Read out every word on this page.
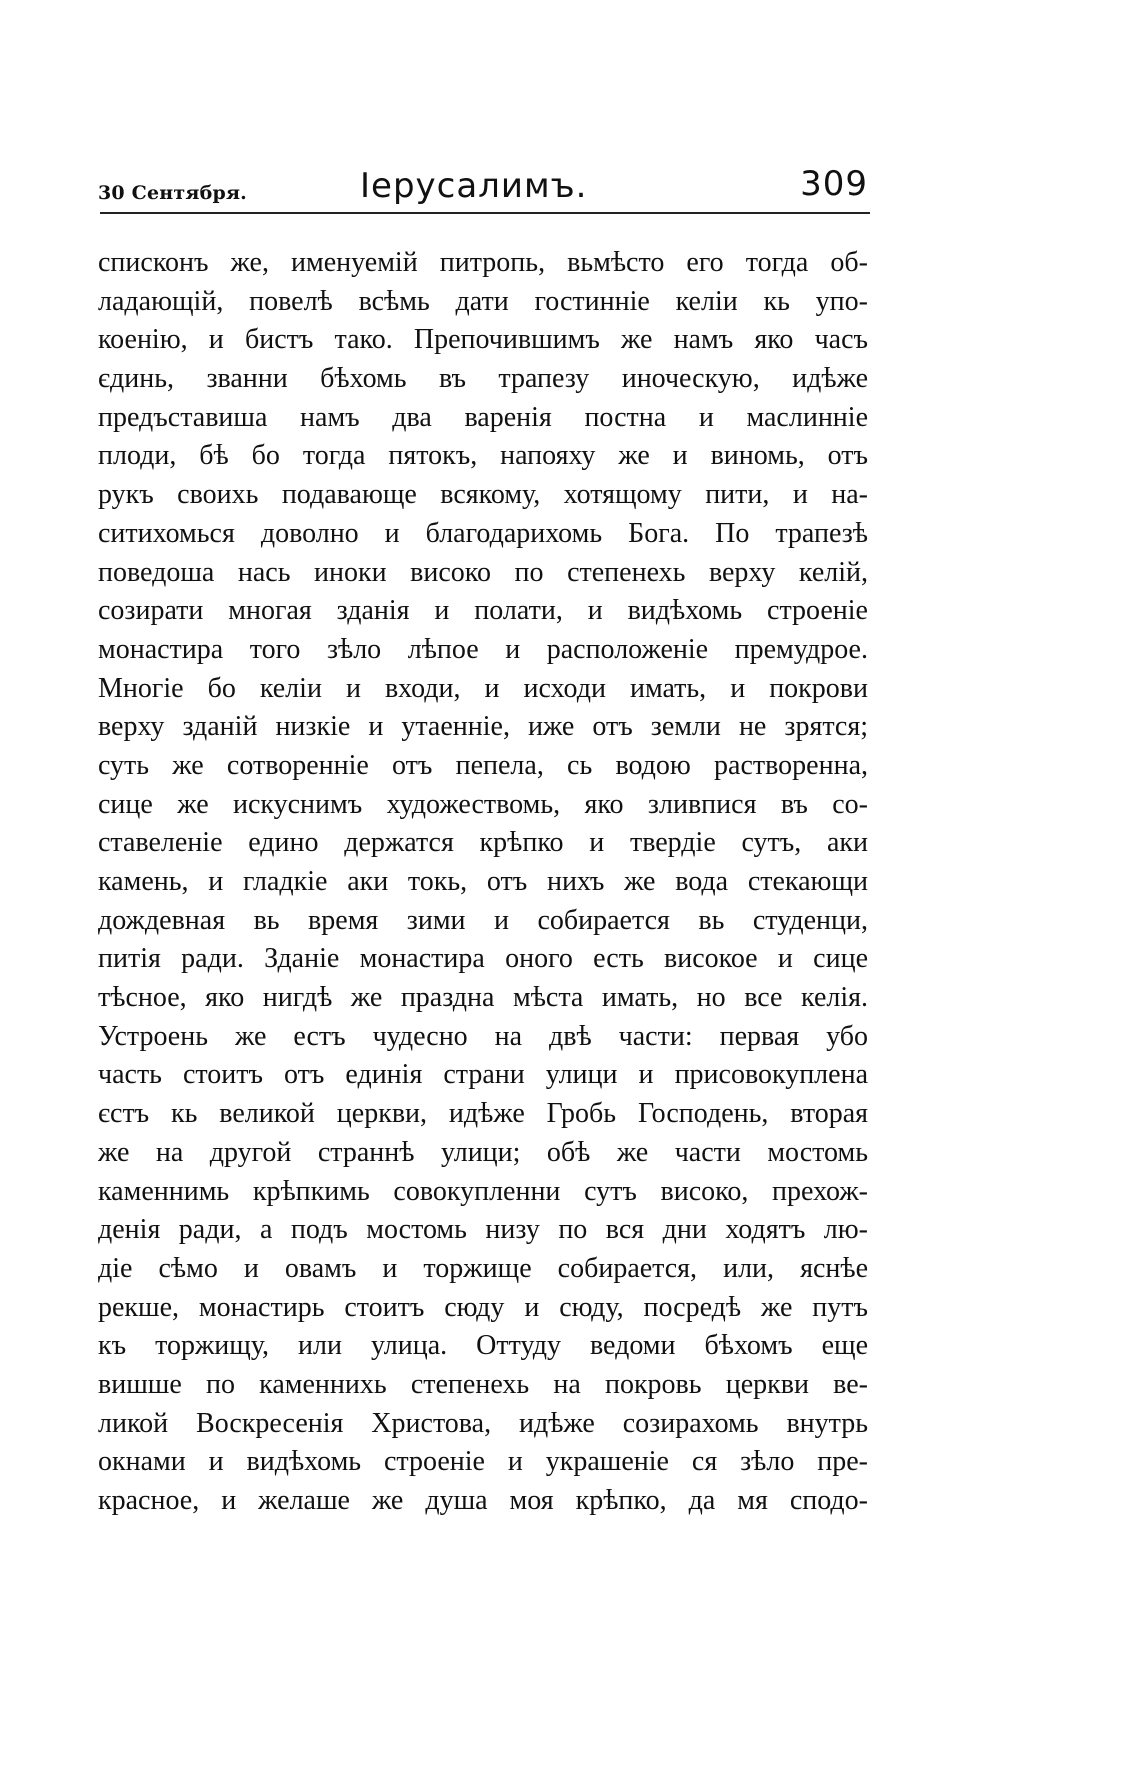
30 Сентября.	Іерусалимъ.	309
списконъ же, именуемій питропь, вьмѣсто его тогда об-
ладающій, повелѣ всѣмь дати гостинніе келіи кь упо-
коенію, и бистъ тако. Препочившимъ же намъ яко часъ
єдинь, званни бѣхомь въ трапезу иноческую, идѣже
предъставиша намъ два варенія постна и маслинніе
плоди, бѣ бо тогда пятокъ, напояху же и виномь, отъ
рукъ своихь подавающе всякому, хотящому пити, и на-
ситихомься доволно и благодарихомь Бога. По трапезѣ
поведоша нась иноки високо по степенехь верху келій,
созирати многая зданія и полати, и видѣхомь строеніе
монастира того зѣло лѣпое и расположеніе премудрое.
Многіе бо келіи и входи, и исходи имать, и покрови
верху зданій низкіе и утаенніе, иже отъ земли не зрятся;
суть же сотворенніе отъ пепела, сь водою растворенна,
сице же искуснимъ художествомь, яко зливпися въ со-
ставеленіе едино держатся крѣпко и твердіе сутъ, аки
камень, и гладкіе аки токь, отъ нихъ же вода стекающи
дождевная вь время зими и собирается вь студенци,
питія ради. Зданіе монастира оного есть високое и сице
тѣсное, яко нигдѣ же праздна мѣста имать, но все келія.
Устроень же естъ чудесно на двѣ части: первая убо
часть стоитъ отъ единія страни улици и присовокуплена
єстъ кь великой церкви, идѣже Гробь Господень, вторая
же на другой страннѣ улици; обѣ же части мостомь
каменнимь крѣпкимь совокупленни сутъ високо, прехож-
денія ради, а подъ мостомь низу по вся дни ходятъ лю-
діе сѣмо и овамъ и торжище собирается, или, яснѣе
рекше, монастирь стоитъ сюду и сюду, посредѣ же путъ
къ торжищу, или улица. Оттуду ведоми бѣхомъ еще
вишше по каменнихь степенехь на покровь церкви ве-
ликой Воскресенія Христова, идѣже созирахомь внутрь
окнами и видѣхомь строеніе и украшеніе ся зѣло пре-
красное, и желаше же душа моя крѣпко, да мя сподо-
